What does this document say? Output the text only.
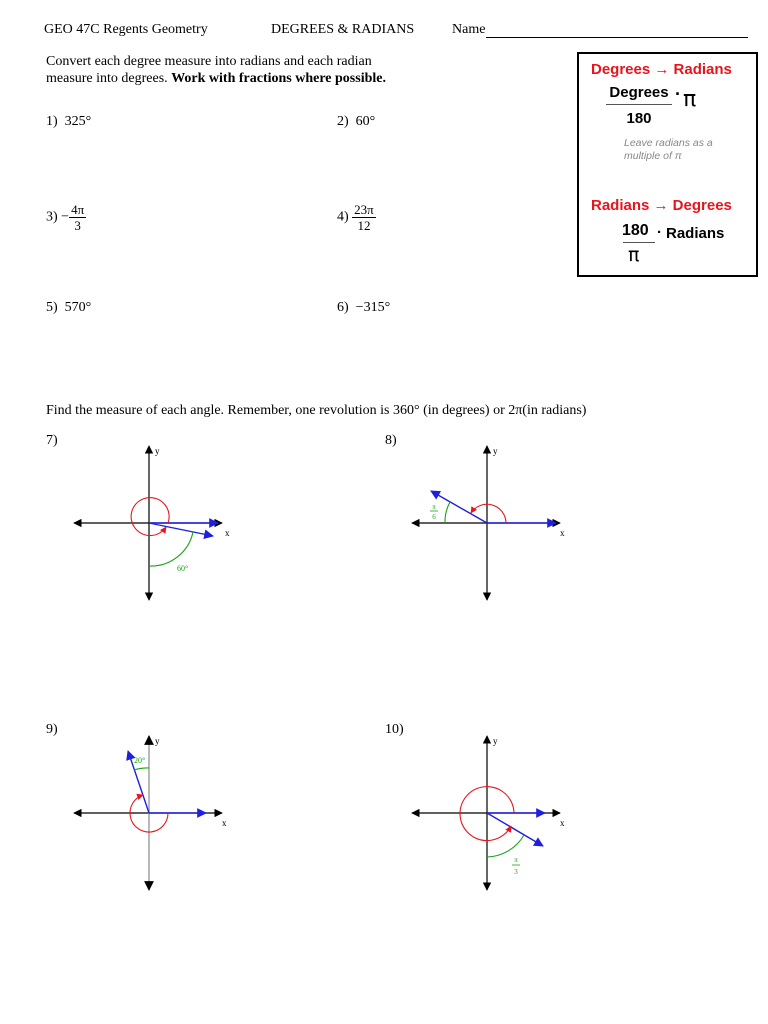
GEO 47C Regents Geometry	DEGREES & RADIANS	Name
Convert each degree measure into radians and each radian
measure into degrees. Work with fractions where possible.
1) 325°	2) 60°
$3) - \frac{4\pi}{3}$	$4) \frac{23\pi}{12}$
5) 570°	6) −315°
Degrees → Radians
Degrees
180
· π
Leave radians as a
multiple of π
Radians → Degrees
180
π
· Radians
Find the measure of each angle. Remember, one revolution is 360° (in degrees) or 2π(in radians)
7)	8)
9)	10)
x
y
60°
x
y
π
6
x
y
20°
x
y
π
3
